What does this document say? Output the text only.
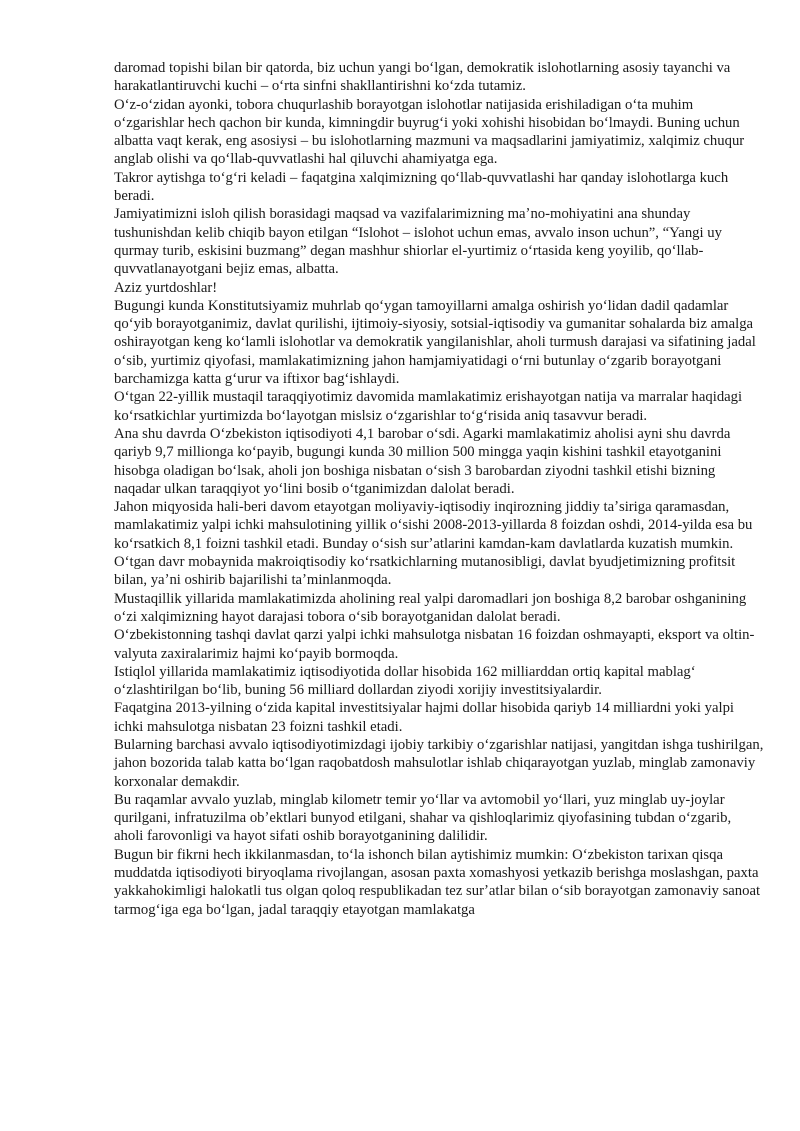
daromad topishi bilan bir qatorda, biz uchun yangi boʻlgan, demokratik islohotlarning asosiy tayanchi va harakatlantiruvchi kuchi – oʻrta sinfni shakllantirishni koʻzda tutamiz.

Oʻz-oʻzidan ayonki, tobora chuqurlashib borayotgan islohotlar natijasida erishiladigan oʻta muhim oʻzgarishlar hech qachon bir kunda, kimningdir buyrugʻi yoki xohishi hisobidan boʻlmaydi. Buning uchun albatta vaqt kerak, eng asosiysi – bu islohotlarning mazmuni va maqsadlarini jamiyatimiz, xalqimiz chuqur anglab olishi va qoʻllab-quvvatlashi hal qiluvchi ahamiyatga ega.

Takror aytishga toʻgʻri keladi – faqatgina xalqimizning qoʻllab-quvvatlashi har qanday islohotlarga kuch beradi.

Jamiyatimizni isloh qilish borasidagi maqsad va vazifalarimizning maʼno-mohiyatini ana shunday tushunishdan kelib chiqib bayon etilgan “Islohot – islohot uchun emas, avvalo inson uchun”, “Yangi uy qurmay turib, eskisini buzmang” degan mashhur shiorlar el-yurtimiz oʻrtasida keng yoyilib, qoʻllab-quvvatlanayotgani bejiz emas, albatta.

Aziz yurtdoshlar!

Bugungi kunda Konstitutsiyamiz muhrlab qoʻygan tamoyillarni amalga oshirish yoʻlidan dadil qadamlar qoʻyib borayotganimiz, davlat qurilishi, ijtimoiy-siyosiy, sotsial-iqtisodiy va gumanitar sohalarda biz amalga oshirayotgan keng koʻlamli islohotlar va demokratik yangilanishlar, aholi turmush darajasi va sifatining jadal oʻsib, yurtimiz qiyofasi, mamlakatimizning jahon hamjamiyatidagi oʻrni butunlay oʻzgarib borayotgani barchamizga katta gʻurur va iftixor bagʻishlaydi.

Oʻtgan 22-yillik mustaqil taraqqiyotimiz davomida mamlakatimiz erishayotgan natija va marralar haqidagi koʻrsatkichlar yurtimizda boʻlayotgan mislsiz oʻzgarishlar toʻgʻrisida aniq tasavvur beradi.

Ana shu davrda Oʻzbekiston iqtisodiyoti 4,1 barobar oʻsdi. Agarki mamlakatimiz aholisi ayni shu davrda qariyb 9,7 millionga koʻpayib, bugungi kunda 30 million 500 mingga yaqin kishini tashkil etayotganini hisobga oladigan boʻlsak, aholi jon boshiga nisbatan oʻsish 3 barobardan ziyodni tashkil etishi bizning naqadar ulkan taraqqiyot yoʻlini bosib oʻtganimizdan dalolat beradi.

Jahon miqyosida hali-beri davom etayotgan moliyaviy-iqtisodiy inqirozning jiddiy taʼsiriga qaramasdan, mamlakatimiz yalpi ichki mahsulotining yillik oʻsishi 2008-2013-yillarda 8 foizdan oshdi, 2014-yilda esa bu koʻrsatkich 8,1 foizni tashkil etadi. Bunday oʻsish surʼatlarini kamdan-kam davlatlarda kuzatish mumkin.

Oʻtgan davr mobaynida makroiqtisodiy koʻrsatkichlarning mutanosibligi, davlat byudjetimizning profitsit bilan, yaʼni oshirib bajarilishi taʼminlanmoqda.

Mustaqillik yillarida mamlakatimizda aholining real yalpi daromadlari jon boshiga 8,2 barobar oshganining oʻzi xalqimizning hayot darajasi tobora oʻsib borayotganidan dalolat beradi.

Oʻzbekistonning tashqi davlat qarzi yalpi ichki mahsulotga nisbatan 16 foizdan oshmayapti, eksport va oltin-valyuta zaxiralarimiz hajmi koʻpayib bormoqda.

Istiqlol yillarida mamlakatimiz iqtisodiyotida dollar hisobida 162 milliarddan ortiq kapital mablagʻ oʻzlashtirilgan boʻlib, buning 56 milliard dollardan ziyodi xorijiy investitsiyalardir.

Faqatgina 2013-yilning oʻzida kapital investitsiyalar hajmi dollar hisobida qariyb 14 milliardni yoki yalpi ichki mahsulotga nisbatan 23 foizni tashkil etadi.

Bularning barchasi avvalo iqtisodiyotimizdagi ijobiy tarkibiy oʻzgarishlar natijasi, yangitdan ishga tushirilgan, jahon bozorida talab katta boʻlgan raqobatdosh mahsulotlar ishlab chiqarayotgan yuzlab, minglab zamonaviy korxonalar demakdir.

Bu raqamlar avvalo yuzlab, minglab kilometr temir yoʻllar va avtomobil yoʻllari, yuz minglab uy-joylar qurilgani, infratuzilma obʼektlari bunyod etilgani, shahar va qishloqlarimiz qiyofasining tubdan oʻzgarib, aholi farovonligi va hayot sifati oshib borayotganining dalilidir.

Bugun bir fikrni hech ikkilanmasdan, toʻla ishonch bilan aytishimiz mumkin: Oʻzbekiston tarixan qisqa muddatda iqtisodiyoti biryoqlama rivojlangan, asosan paxta xomashyosi yetkazib berishga moslashgan, paxta yakkahokimligi halokatli tus olgan qoloq respublikadan tez surʼatlar bilan oʻsib borayotgan zamonaviy sanoat tarmogʻiga ega boʻlgan, jadal taraqqiy etayotgan mamlakatga
